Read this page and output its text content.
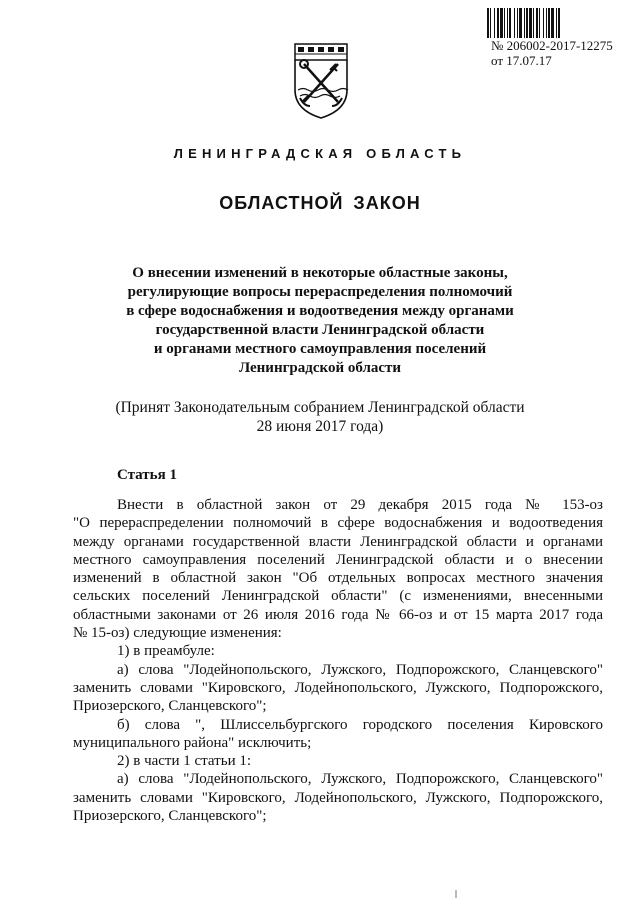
№ 206002-2017-12275
от 17.07.17
ЛЕНИНГРАДСКАЯ ОБЛАСТЬ
ОБЛАСТНОЙ ЗАКОН
О внесении изменений в некоторые областные законы,
регулирующие вопросы перераспределения полномочий
в сфере водоснабжения и водоотведения между органами
государственной власти Ленинградской области
и органами местного самоуправления поселений
Ленинградской области
(Принят Законодательным собранием Ленинградской области
28 июня 2017 года)
Статья 1
Внести в областной закон от 29 декабря 2015 года № 153-оз
"О перераспределении полномочий в сфере водоснабжения и водоотведения
между органами государственной власти Ленинградской области и органами
местного самоуправления поселений Ленинградской области и о внесении
изменений в областной закон "Об отдельных вопросах местного значения
сельских поселений Ленинградской области" (с изменениями, внесенными
областными законами от 26 июля 2016 года № 66-оз и от 15 марта 2017 года
№ 15-оз) следующие изменения:
1) в преамбуле:
а) слова "Лодейнопольского, Лужского, Подпорожского, Сланцевского"
заменить словами "Кировского, Лодейнопольского, Лужского, Подпорожского,
Приозерского, Сланцевского";
б) слова ", Шлиссельбургского городского поселения Кировского
муниципального района" исключить;
2) в части 1 статьи 1:
а) слова "Лодейнопольского, Лужского, Подпорожского, Сланцевского"
заменить словами "Кировского, Лодейнопольского, Лужского, Подпорожского,
Приозерского, Сланцевского";
